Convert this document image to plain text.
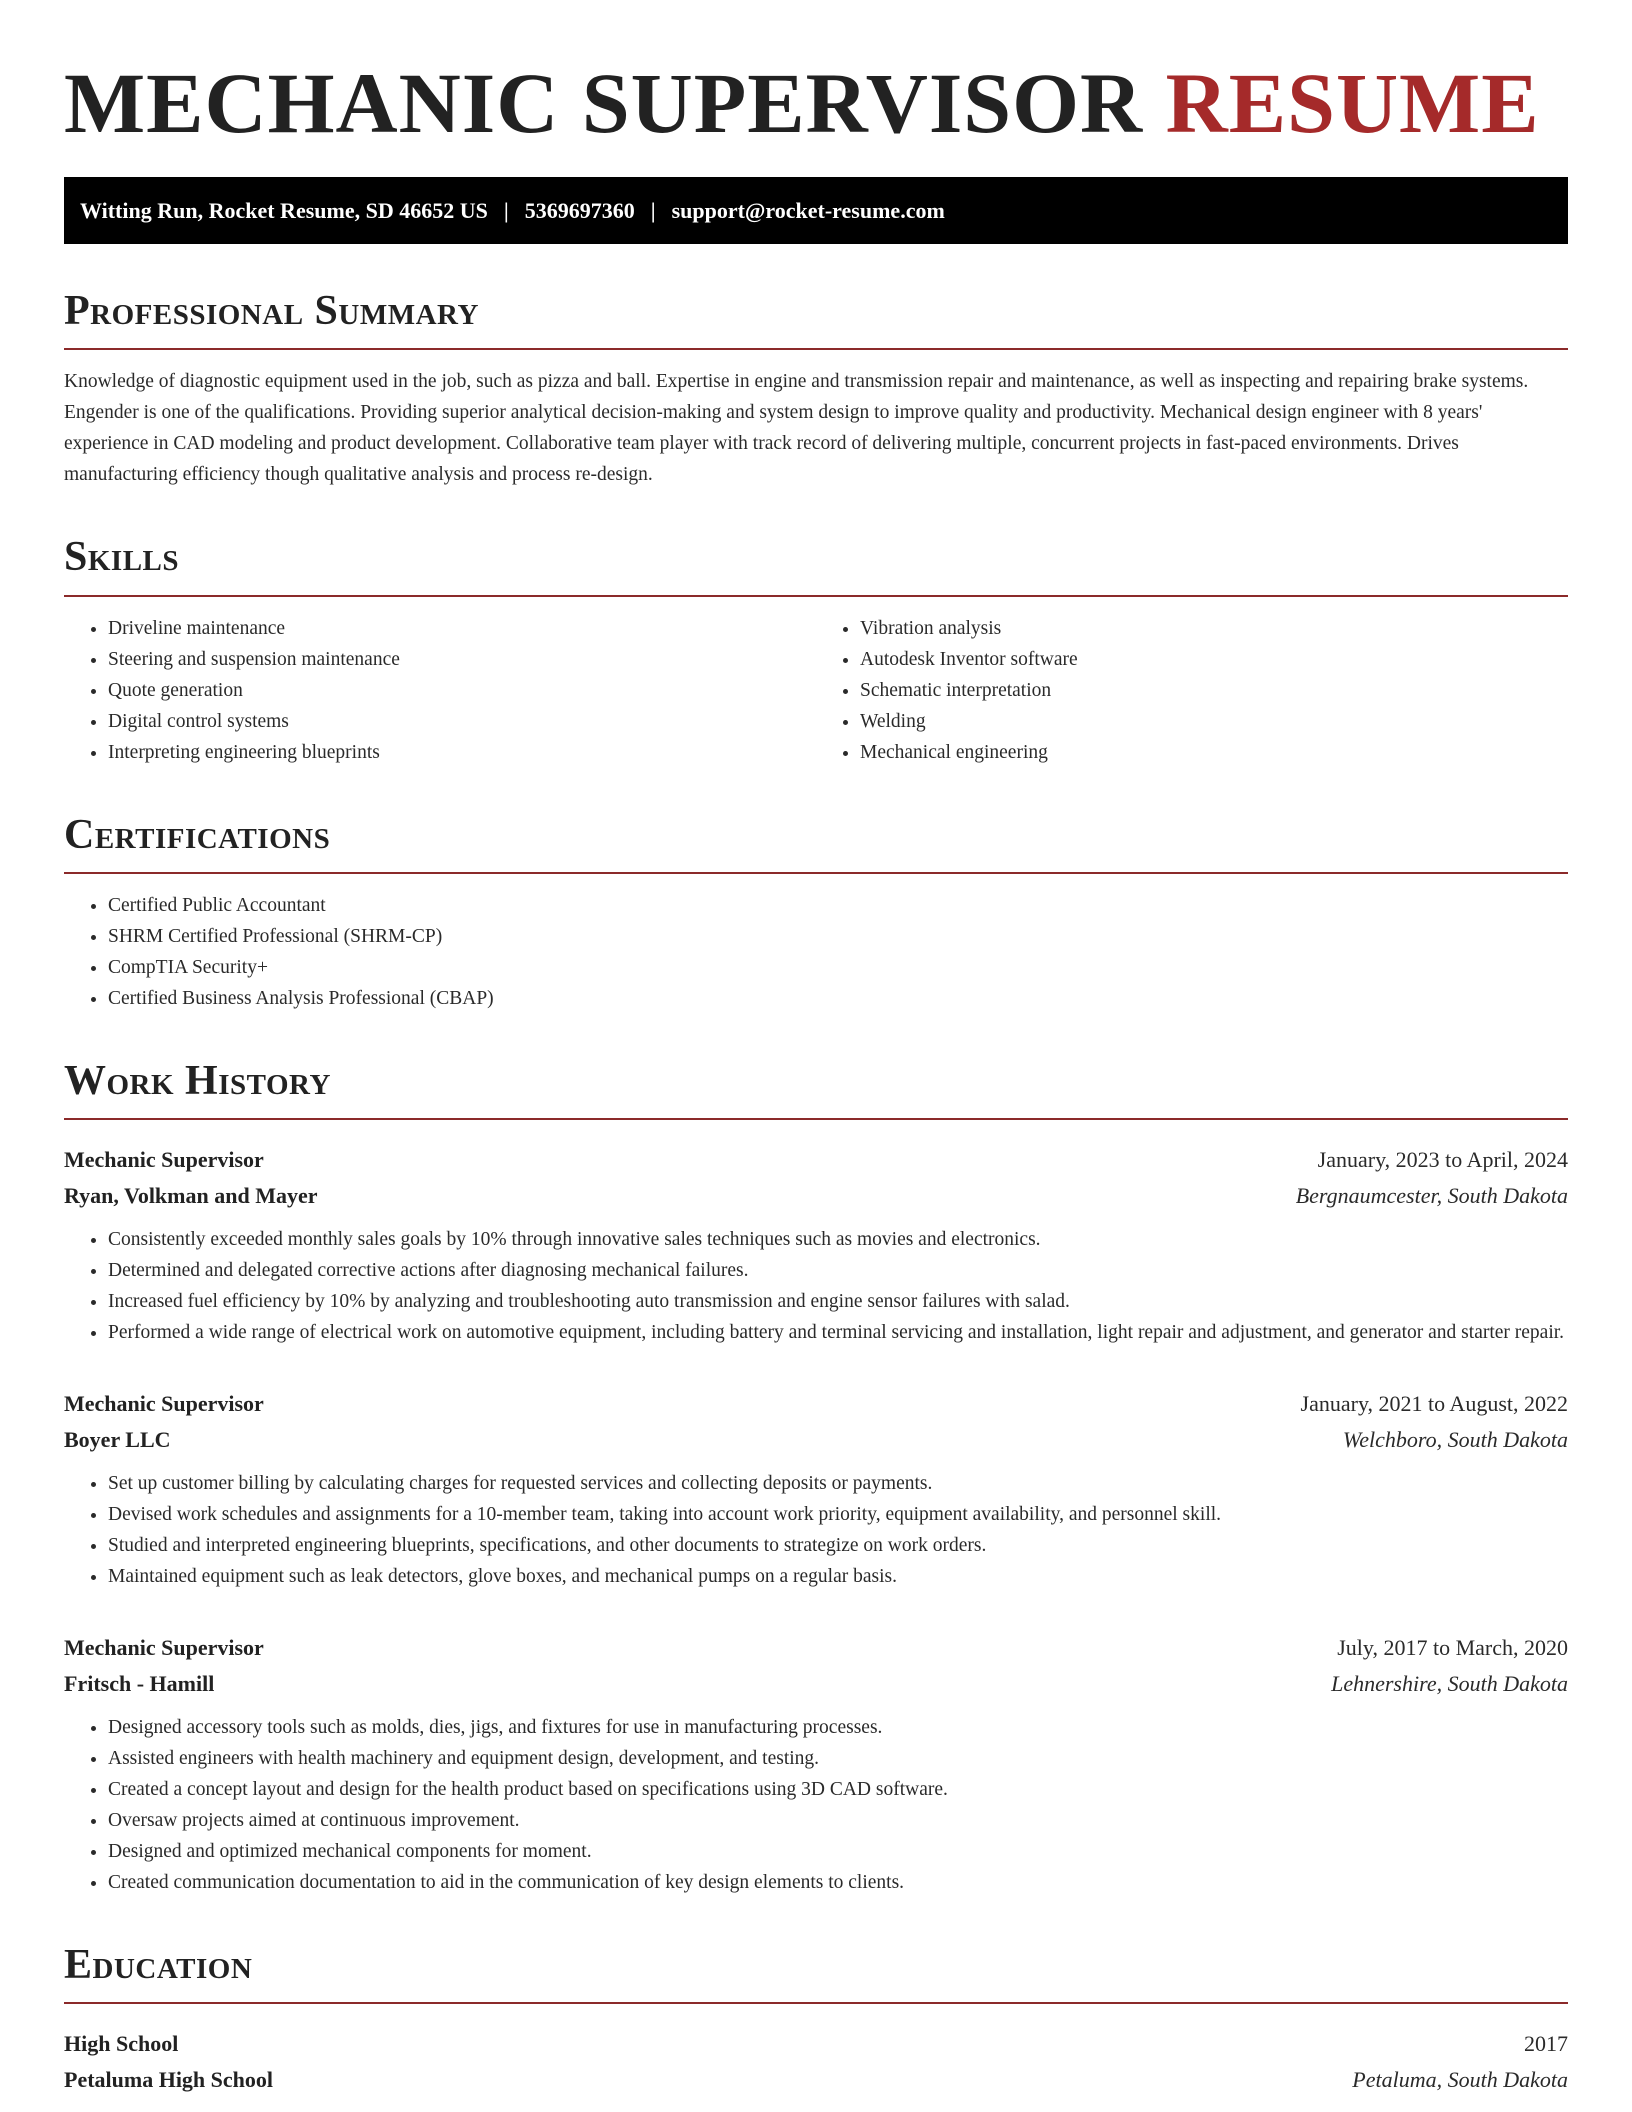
MECHANIC SUPERVISOR RESUME
Witting Run, Rocket Resume, SD 46652 US | 5369697360 | support@rocket-resume.com
Professional Summary

Knowledge of diagnostic equipment used in the job, such as pizza and ball. Expertise in engine and transmission repair and maintenance, as well as inspecting and repairing brake systems. Engender is one of the qualifications. Providing superior analytical decision-making and system design to improve quality and productivity. Mechanical design engineer with 8 years' experience in CAD modeling and product development. Collaborative team player with track record of delivering multiple, concurrent projects in fast-paced environments. Drives manufacturing efficiency though qualitative analysis and process re-design.

Skills
• Driveline maintenance
• Steering and suspension maintenance
• Quote generation
• Digital control systems
• Interpreting engineering blueprints
• Vibration analysis
• Autodesk Inventor software
• Schematic interpretation
• Welding
• Mechanical engineering
Certifications
• Certified Public Accountant
• SHRM Certified Professional (SHRM-CP)
• CompTIA Security+
• Certified Business Analysis Professional (CBAP)
Work History
Mechanic Supervisor	January, 2023 to April, 2024
Ryan, Volkman and Mayer	Bergnaumcester, South Dakota
• Consistently exceeded monthly sales goals by 10% through innovative sales techniques such as movies and electronics.
• Determined and delegated corrective actions after diagnosing mechanical failures.
• Increased fuel efficiency by 10% by analyzing and troubleshooting auto transmission and engine sensor failures with salad.
• Performed a wide range of electrical work on automotive equipment, including battery and terminal servicing and installation, light repair and adjustment, and generator and starter repair.
Mechanic Supervisor	January, 2021 to August, 2022
Boyer LLC	Welchboro, South Dakota
• Set up customer billing by calculating charges for requested services and collecting deposits or payments.
• Devised work schedules and assignments for a 10-member team, taking into account work priority, equipment availability, and personnel skill.
• Studied and interpreted engineering blueprints, specifications, and other documents to strategize on work orders.
• Maintained equipment such as leak detectors, glove boxes, and mechanical pumps on a regular basis.
Mechanic Supervisor	July, 2017 to March, 2020
Fritsch - Hamill	Lehnershire, South Dakota
• Designed accessory tools such as molds, dies, jigs, and fixtures for use in manufacturing processes.
• Assisted engineers with health machinery and equipment design, development, and testing.
• Created a concept layout and design for the health product based on specifications using 3D CAD software.
• Oversaw projects aimed at continuous improvement.
• Designed and optimized mechanical components for moment.
• Created communication documentation to aid in the communication of key design elements to clients.
Education
High School	2017
Petaluma High School	Petaluma, South Dakota
